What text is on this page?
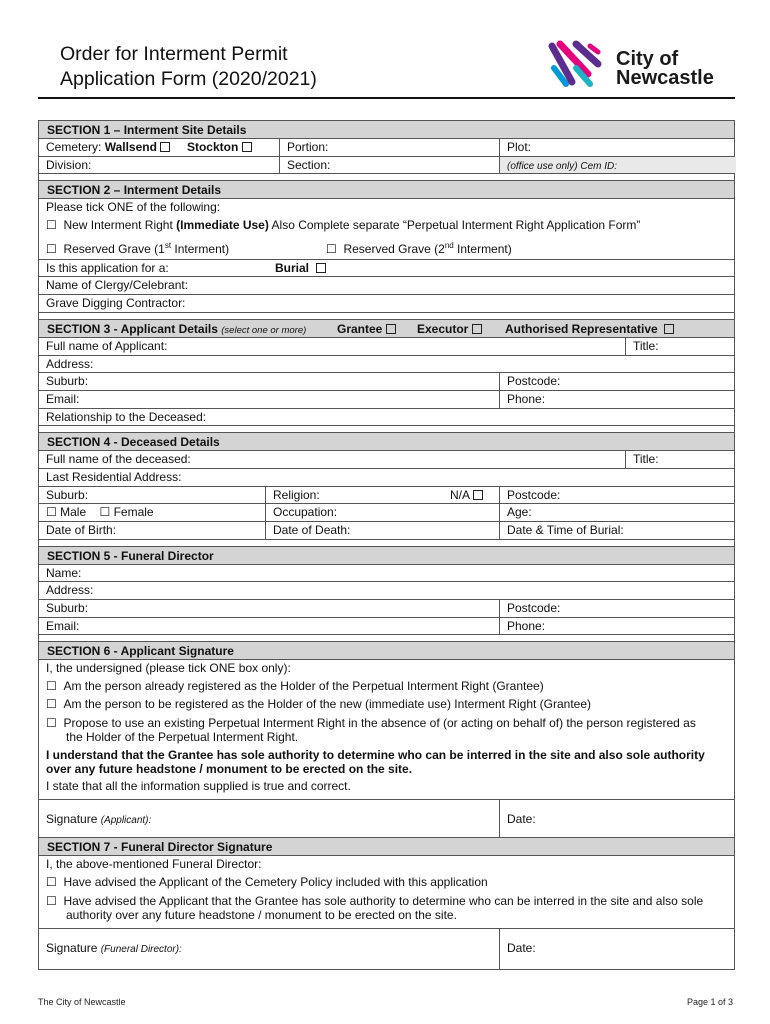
Order for Interment Permit
Application Form (2020/2021)
City of
Newcastle
SECTION 1 – Interment Site Details
Cemetery: Wallsend	Stockton	Portion:	Plot:
Division:	Section:	(office use only) Cem ID:
SECTION 2 – Interment Details
Please tick ONE of the following:
☐ New Interment Right (Immediate Use) Also Complete separate “Perpetual Interment Right Application Form”
☐ Reserved Grave (1st Interment)	☐ Reserved Grave (2nd Interment)
Is this application for a:	Burial
Name of Clergy/Celebrant:
Grave Digging Contractor:
SECTION 3 - Applicant Details (select one or more)	Grantee	Executor	Authorised Representative
Full name of Applicant:	Title:
Address:
Suburb:	Postcode:
Email:	Phone:
Relationship to the Deceased:
SECTION 4 - Deceased Details
Full name of the deceased:	Title:
Last Residential Address:
Suburb:	Religion:	N/A	Postcode:
☐ Male ☐ Female	Occupation:	Age:
Date of Birth:	Date of Death:	Date & Time of Burial:
SECTION 5 - Funeral Director
Name:
Address:
Suburb:	Postcode:
Email:	Phone:
SECTION 6 - Applicant Signature
I, the undersigned (please tick ONE box only):
☐ Am the person already registered as the Holder of the Perpetual Interment Right (Grantee)
☐ Am the person to be registered as the Holder of the new (immediate use) Interment Right (Grantee)
☐ Propose to use an existing Perpetual Interment Right in the absence of (or acting on behalf of) the person registered as
the Holder of the Perpetual Interment Right.
I understand that the Grantee has sole authority to determine who can be interred in the site and also sole authority
over any future headstone / monument to be erected on the site.
I state that all the information supplied is true and correct.
Signature (Applicant):	Date:
SECTION 7 - Funeral Director Signature
I, the above-mentioned Funeral Director:
☐ Have advised the Applicant of the Cemetery Policy included with this application
☐ Have advised the Applicant that the Grantee has sole authority to determine who can be interred in the site and also sole
authority over any future headstone / monument to be erected on the site.
Signature (Funeral Director):	Date:
The City of Newcastle	Page 1 of 3
